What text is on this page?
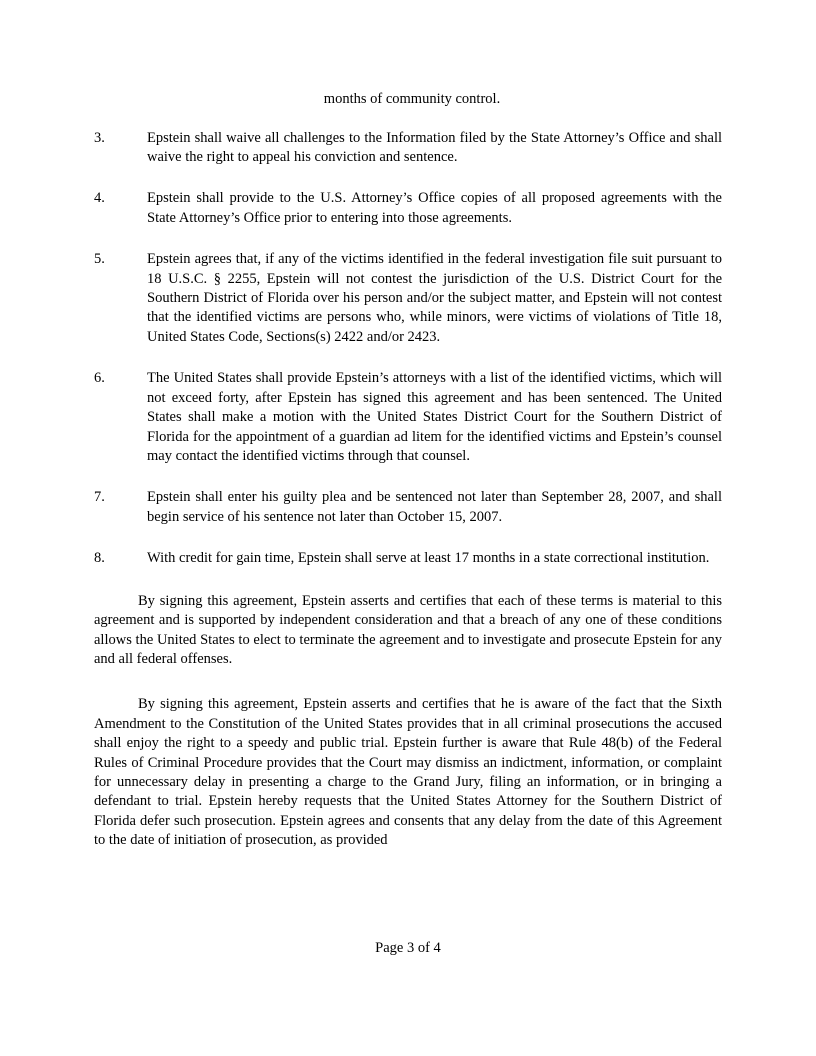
months of community control.
3.	Epstein shall waive all challenges to the Information filed by the State Attorney’s Office and shall waive the right to appeal his conviction and sentence.
4.	Epstein shall provide to the U.S. Attorney’s Office copies of all proposed agreements with the State Attorney’s Office prior to entering into those agreements.
5.	Epstein agrees that, if any of the victims identified in the federal investigation file suit pursuant to 18 U.S.C. § 2255, Epstein will not contest the jurisdiction of the U.S. District Court for the Southern District of Florida over his person and/or the subject matter, and Epstein will not contest that the identified victims are persons who, while minors, were victims of violations of Title 18, United States Code, Sections(s) 2422 and/or 2423.
6.	The United States shall provide Epstein’s attorneys with a list of the identified victims, which will not exceed forty, after Epstein has signed this agreement and has been sentenced. The United States shall make a motion with the United States District Court for the Southern District of Florida for the appointment of a guardian ad litem for the identified victims and Epstein’s counsel may contact the identified victims through that counsel.
7.	Epstein shall enter his guilty plea and be sentenced not later than September 28, 2007, and shall begin service of his sentence not later than October 15, 2007.
8.	With credit for gain time, Epstein shall serve at least 17 months in a state correctional institution.

By signing this agreement, Epstein asserts and certifies that each of these terms is material to this agreement and is supported by independent consideration and that a breach of any one of these conditions allows the United States to elect to terminate the agreement and to investigate and prosecute Epstein for any and all federal offenses.

By signing this agreement, Epstein asserts and certifies that he is aware of the fact that the Sixth Amendment to the Constitution of the United States provides that in all criminal prosecutions the accused shall enjoy the right to a speedy and public trial. Epstein further is aware that Rule 48(b) of the Federal Rules of Criminal Procedure provides that the Court may dismiss an indictment, information, or complaint for unnecessary delay in presenting a charge to the Grand Jury, filing an information, or in bringing a defendant to trial. Epstein hereby requests that the United States Attorney for the Southern District of Florida defer such prosecution. Epstein agrees and consents that any delay from the date of this Agreement to the date of initiation of prosecution, as provided

Page 3 of 4
